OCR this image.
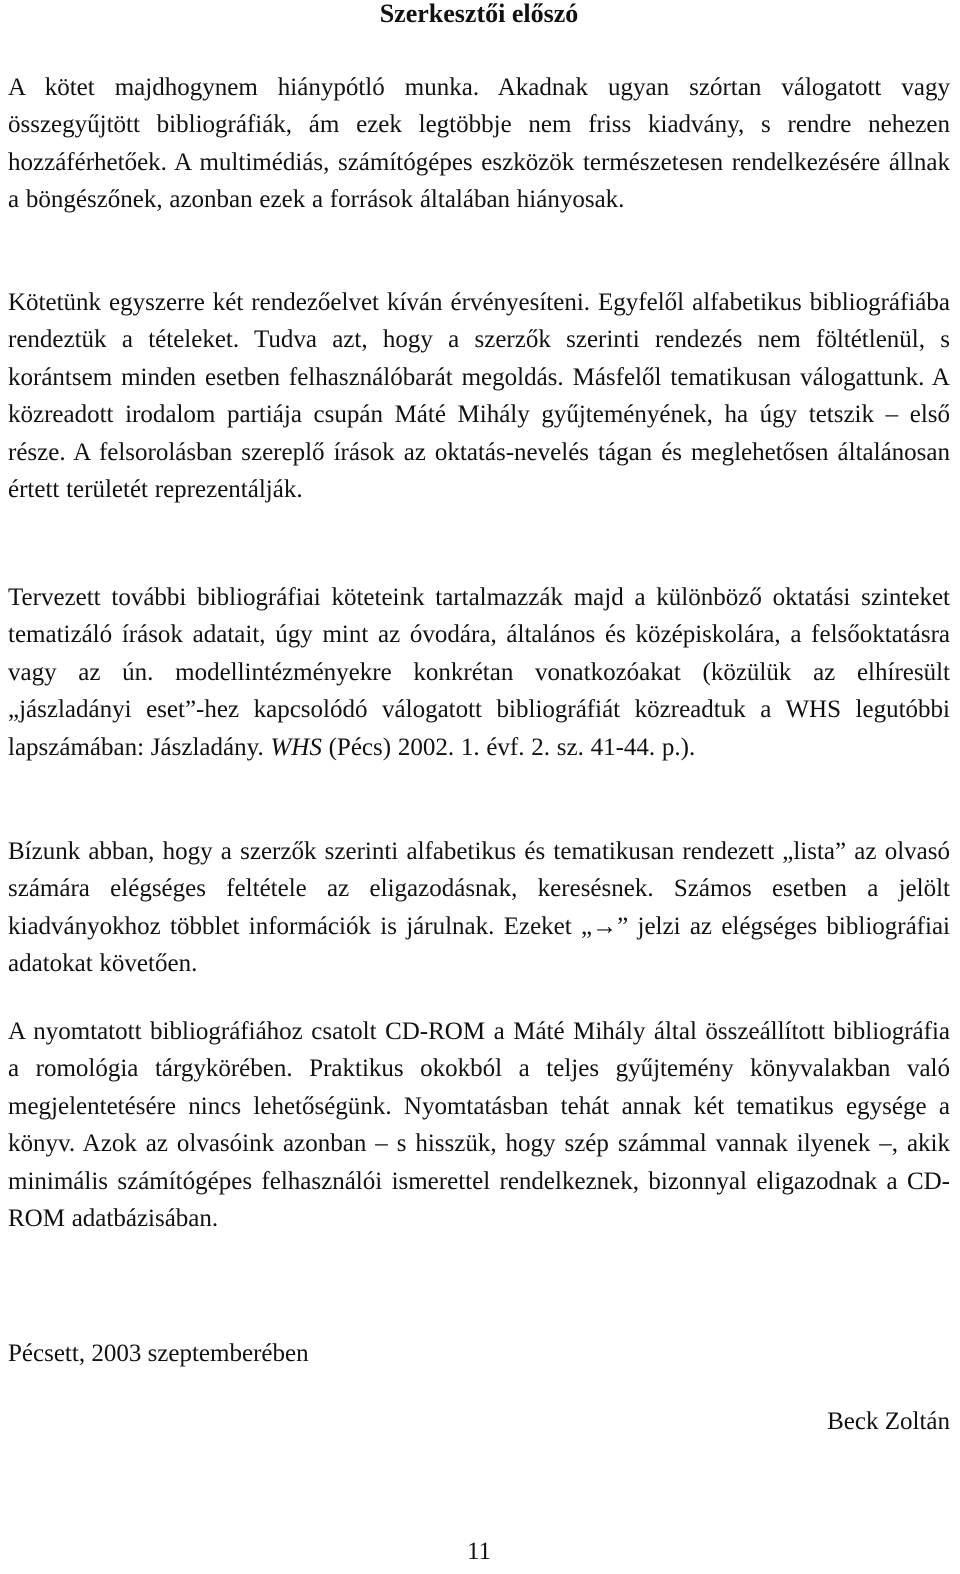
Szerkesztői előszó

A kötet majdhogynem hiánypótló munka. Akadnak ugyan szórtan válogatott vagy összegyűjtött bibliográfiák, ám ezek legtöbbje nem friss kiadvány, s rendre nehezen hozzáférhetőek. A multimédiás, számítógépes eszközök természetesen rendelkezésére állnak a böngészőnek, azonban ezek a források általában hiányosak.

Kötetünk egyszerre két rendezőelvet kíván érvényesíteni. Egyfelől alfabetikus bibliográfiába rendeztük a tételeket. Tudva azt, hogy a szerzők szerinti rendezés nem föltétlenül, s korántsem minden esetben felhasználóbarát megoldás. Másfelől tematikusan válogattunk. A közreadott irodalom partiája csupán Máté Mihály gyűjteményének, ha úgy tetszik – első része. A felsorolásban szereplő írások az oktatás-nevelés tágan és meglehetősen általánosan értett területét reprezentálják.

Tervezett további bibliográfiai köteteink tartalmazzák majd a különböző oktatási szinteket tematizáló írások adatait, úgy mint az óvodára, általános és középiskolára, a felsőoktatásra vagy az ún. modellintézményekre konkrétan vonatkozóakat (közülük az elhíresült „jászladányi eset”-hez kapcsolódó válogatott bibliográfiát közreadtuk a WHS legutóbbi lapszámában: Jászladány. WHS (Pécs) 2002. 1. évf. 2. sz. 41-44. p.).

Bízunk abban, hogy a szerzők szerinti alfabetikus és tematikusan rendezett „lista” az olvasó számára elégséges feltétele az eligazodásnak, keresésnek. Számos esetben a jelölt kiadványokhoz többlet információk is járulnak. Ezeket „→” jelzi az elégséges bibliográfiai adatokat követően.

A nyomtatott bibliográfiához csatolt CD-ROM a Máté Mihály által összeállított bibliográfia a romológia tárgykörében. Praktikus okokból a teljes gyűjtemény könyvalakban való megjelentetésére nincs lehetőségünk. Nyomtatásban tehát annak két tematikus egysége a könyv. Azok az olvasóink azonban – s hisszük, hogy szép számmal vannak ilyenek –, akik minimális számítógépes felhasználói ismerettel rendelkeznek, bizonnyal eligazodnak a CD-ROM adatbázisában.

Pécsett, 2003 szeptemberében

Beck Zoltán

11
